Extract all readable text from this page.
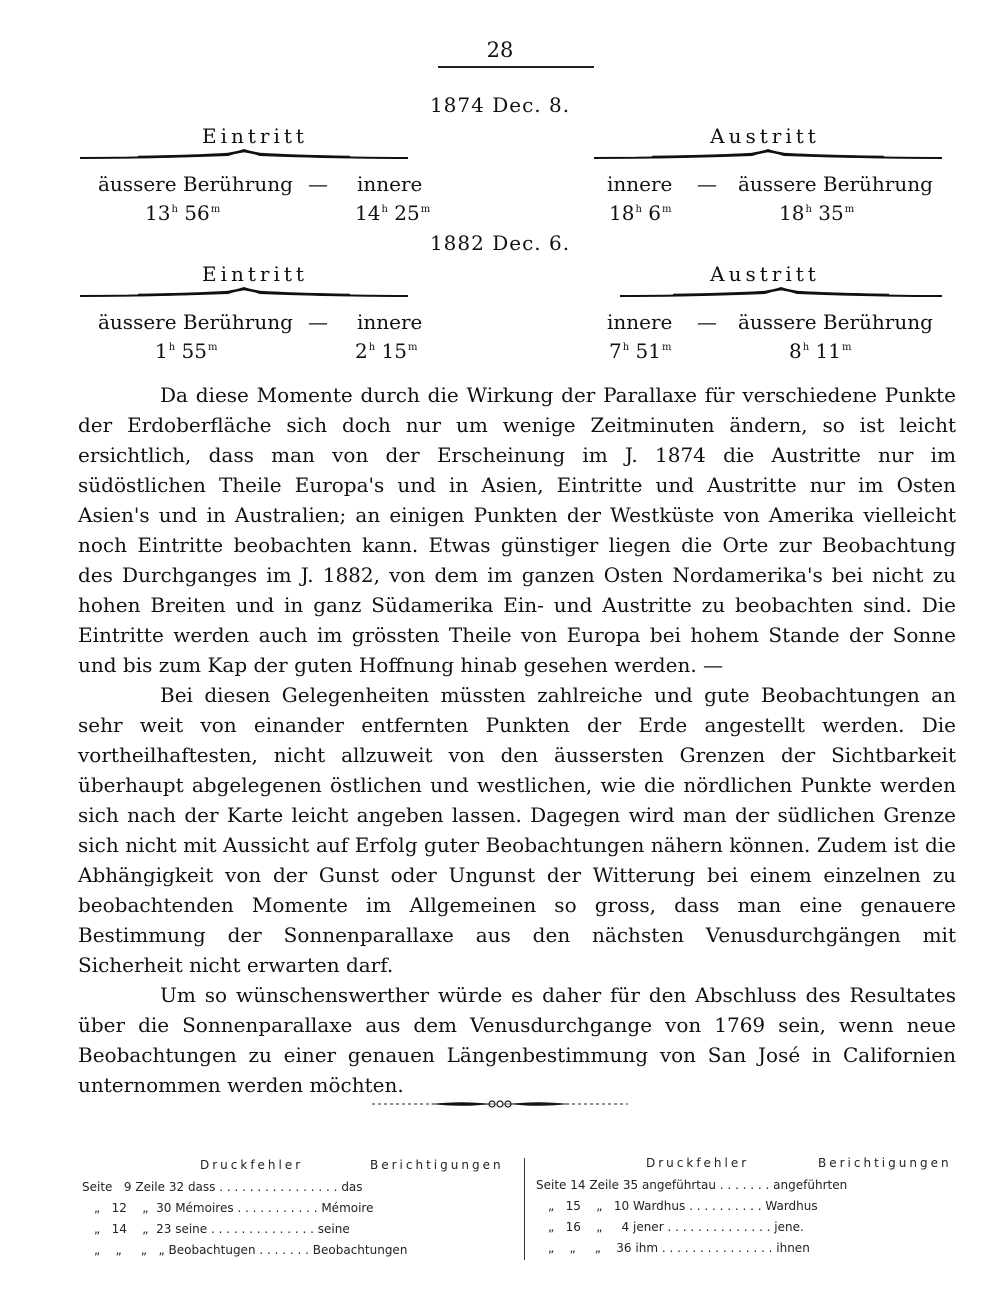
28
1874 Dec. 8.
Eintritt	Austritt
äussere Berührung — innere	innere — äussere Berührung
13$^h$ 56$^m$	14$^h$ 25$^m$	18$^h$ 6$^m$	18$^h$ 35$^m$
1882 Dec. 6.
Eintritt	Austritt
äussere Berührung — innere	innere — äussere Berührung
1$^h$ 55$^m$	2$^h$ 15$^m$	7$^h$ 51$^m$	8$^h$ 11$^m$

Da diese Momente durch die Wirkung der Parallaxe für verschiedene Punkte der Erdoberfläche sich doch nur um wenige Zeitminuten ändern, so ist leicht ersichtlich, dass man von der Erscheinung im J. 1874 die Austritte nur im südöstlichen Theile Europa's und in Asien, Eintritte und Austritte nur im Osten Asien's und in Australien; an einigen Punkten der Westküste von Amerika vielleicht noch Eintritte beobachten kann. Etwas günstiger liegen die Orte zur Beobachtung des Durchganges im J. 1882, von dem im ganzen Osten Nordamerika's bei nicht zu hohen Breiten und in ganz Südamerika Ein- und Austritte zu beobachten sind. Die Eintritte werden auch im grössten Theile von Europa bei hohem Stande der Sonne und bis zum Kap der guten Hoffnung hinab gesehen werden. —

Bei diesen Gelegenheiten müssten zahlreiche und gute Beobachtungen an sehr weit von einander entfernten Punkten der Erde angestellt werden. Die vortheilhaftesten, nicht allzuweit von den äussersten Grenzen der Sichtbarkeit überhaupt abgelegenen östlichen und westlichen, wie die nördlichen Punkte werden sich nach der Karte leicht angeben lassen. Dagegen wird man der südlichen Grenze sich nicht mit Aussicht auf Erfolg guter Beobachtungen nähern können. Zudem ist die Abhängigkeit von der Gunst oder Ungunst der Witterung bei einem einzelnen zu beobachtenden Momente im Allgemeinen so gross, dass man eine genauere Bestimmung der Sonnenparallaxe aus den nächsten Venusdurchgängen mit Sicherheit nicht erwarten darf.

Um so wünschenswerther würde es daher für den Abschluss des Resultates über die Sonnenparallaxe aus dem Venusdurchgange von 1769 sein, wenn neue Beobachtungen zu einer genauen Längenbestimmung von San José in Californien unternommen werden möchten.

Druckfehler	Berichtigungen	Druckfehler	Berichtigungen
Seite 9 Zeile 32 dass . . . . . . . . . . . . . . . . das
„ 12 „ 30 Mémoires . . . . . . . . . . . Mémoire
„ 14 „ 23 seine . . . . . . . . . . . . . . seine
„ „ „ „ Beobachtugen . . . . . . . Beobachtungen
Seite 14 Zeile 35 angeführtau . . . . . . . angeführten
„ 15 „ 10 Wardhus . . . . . . . . . . Wardhus
„ 16 „ 4 jener . . . . . . . . . . . . . . jene.
„ „ „ 36 ihm . . . . . . . . . . . . . . . ihnen
